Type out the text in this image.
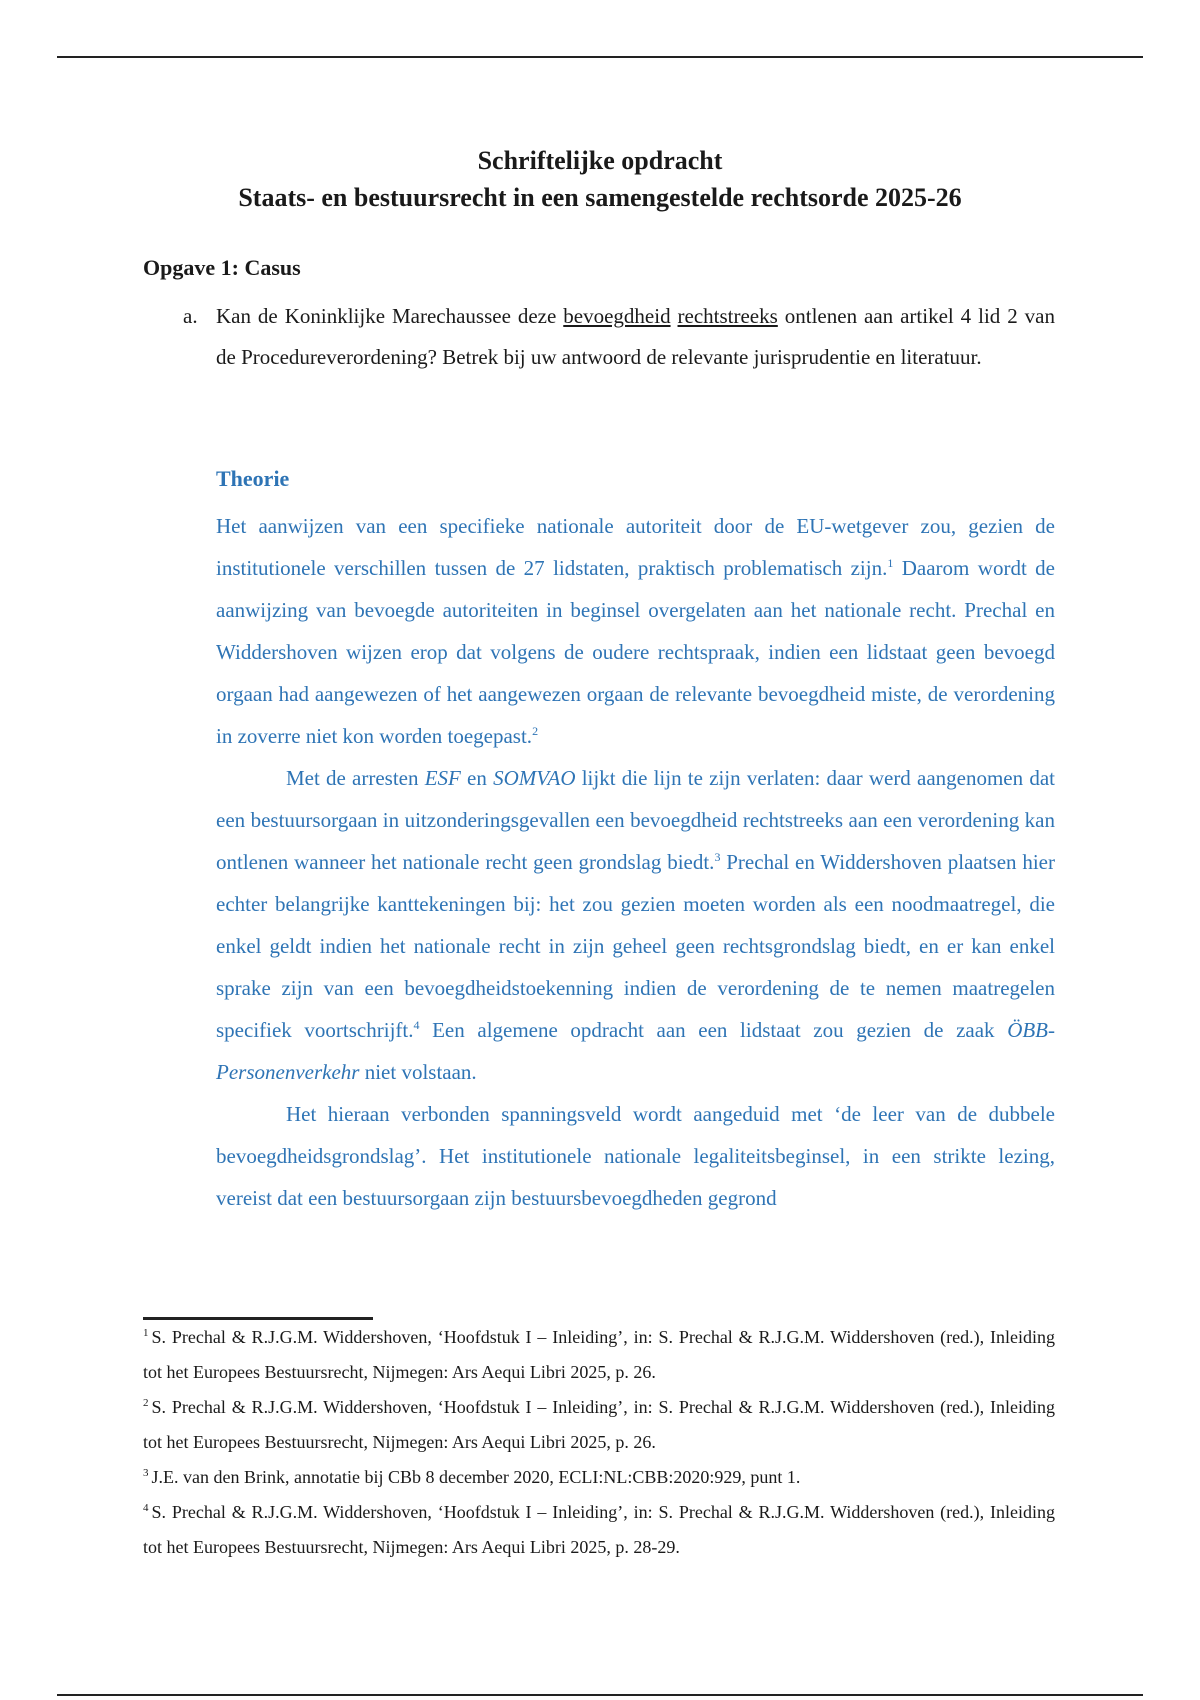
Schriftelijke opdracht
Staats- en bestuursrecht in een samengestelde rechtsorde 2025-26
Opgave 1: Casus
a. Kan de Koninklijke Marechaussee deze bevoegdheid rechtstreeks ontlenen aan artikel 4 lid 2 van de Procedureverordening? Betrek bij uw antwoord de relevante jurisprudentie en literatuur.
Theorie

Het aanwijzen van een specifieke nationale autoriteit door de EU-wetgever zou, gezien de institutionele verschillen tussen de 27 lidstaten, praktisch problematisch zijn.$^1$ Daarom wordt de aanwijzing van bevoegde autoriteiten in beginsel overgelaten aan het nationale recht. Prechal en Widdershoven wijzen erop dat volgens de oudere rechtspraak, indien een lidstaat geen bevoegd orgaan had aangewezen of het aangewezen orgaan de relevante bevoegdheid miste, de verordening in zoverre niet kon worden toegepast.$^2$

Met de arresten ESF en SOMVAO lijkt die lijn te zijn verlaten: daar werd aangenomen dat een bestuursorgaan in uitzonderingsgevallen een bevoegdheid rechtstreeks aan een verordening kan ontlenen wanneer het nationale recht geen grondslag biedt.$^3$ Prechal en Widdershoven plaatsen hier echter belangrijke kanttekeningen bij: het zou gezien moeten worden als een noodmaatregel, die enkel geldt indien het nationale recht in zijn geheel geen rechtsgrondslag biedt, en er kan enkel sprake zijn van een bevoegdheidstoekenning indien de verordening de te nemen maatregelen specifiek voortschrijft.$^4$ Een algemene opdracht aan een lidstaat zou gezien de zaak ÖBB-Personenverkehr niet volstaan.

Het hieraan verbonden spanningsveld wordt aangeduid met ‘de leer van de dubbele bevoegdheidsgrondslag’. Het institutionele nationale legaliteitsbeginsel, in een strikte lezing, vereist dat een bestuursorgaan zijn bestuursbevoegdheden gegrond

$^1$ S. Prechal & R.J.G.M. Widdershoven, ‘Hoofdstuk I – Inleiding’, in: S. Prechal & R.J.G.M. Widdershoven (red.), Inleiding tot het Europees Bestuursrecht, Nijmegen: Ars Aequi Libri 2025, p. 26.

$^2$ S. Prechal & R.J.G.M. Widdershoven, ‘Hoofdstuk I – Inleiding’, in: S. Prechal & R.J.G.M. Widdershoven (red.), Inleiding tot het Europees Bestuursrecht, Nijmegen: Ars Aequi Libri 2025, p. 26.

$^3$ J.E. van den Brink, annotatie bij CBb 8 december 2020, ECLI:NL:CBB:2020:929, punt 1.

$^4$ S. Prechal & R.J.G.M. Widdershoven, ‘Hoofdstuk I – Inleiding’, in: S. Prechal & R.J.G.M. Widdershoven (red.), Inleiding tot het Europees Bestuursrecht, Nijmegen: Ars Aequi Libri 2025, p. 28-29.
